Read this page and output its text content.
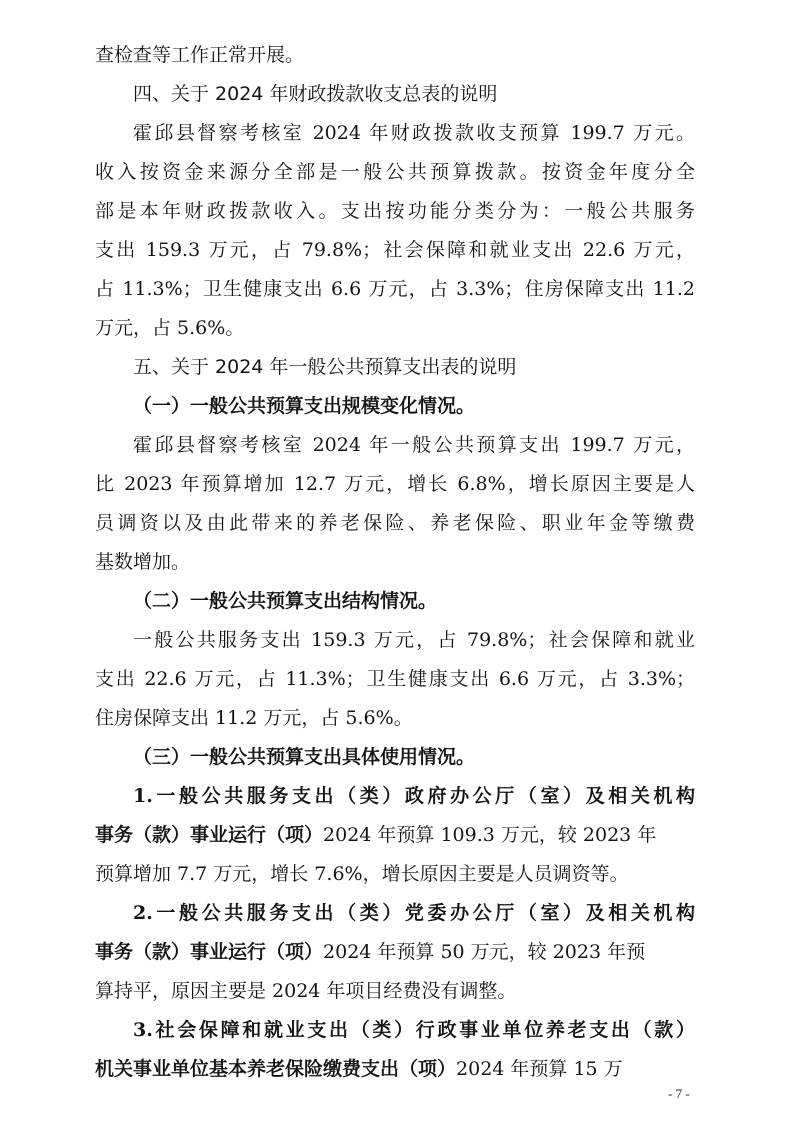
查检查等工作正常开展。
四、关于 2024 年财政拨款收支总表的说明
霍邱县督察考核室 2024 年财政拨款收支预算 199.7 万元。
收入按资金来源分全部是一般公共预算拨款。按资金年度分全
部是本年财政拨款收入。支出按功能分类分为：一般公共服务
支出 159.3 万元，占 79.8%；社会保障和就业支出 22.6 万元，
占 11.3%；卫生健康支出 6.6 万元，占 3.3%；住房保障支出 11.2
万元，占 5.6%。
五、关于 2024 年一般公共预算支出表的说明
（一）一般公共预算支出规模变化情况。
霍邱县督察考核室 2024 年一般公共预算支出 199.7 万元，
比 2023 年预算增加 12.7 万元，增长 6.8%，增长原因主要是人
员调资以及由此带来的养老保险、养老保险、职业年金等缴费
基数增加。
（二）一般公共预算支出结构情况。
一般公共服务支出 159.3 万元，占 79.8%；社会保障和就业
支出 22.6 万元，占 11.3%；卫生健康支出 6.6 万元，占 3.3%；
住房保障支出 11.2 万元，占 5.6%。
（三）一般公共预算支出具体使用情况。
1.一般公共服务支出（类）政府办公厅（室）及相关机构
事务（款）事业运行（项）2024 年预算 109.3 万元，较 2023 年
预算增加 7.7 万元，增长 7.6%，增长原因主要是人员调资等。
2.一般公共服务支出（类）党委办公厅（室）及相关机构
事务（款）事业运行（项）2024 年预算 50 万元，较 2023 年预
算持平，原因主要是 2024 年项目经费没有调整。
3.社会保障和就业支出（类）行政事业单位养老支出（款）
机关事业单位基本养老保险缴费支出（项）2024 年预算 15 万
- 7 -
